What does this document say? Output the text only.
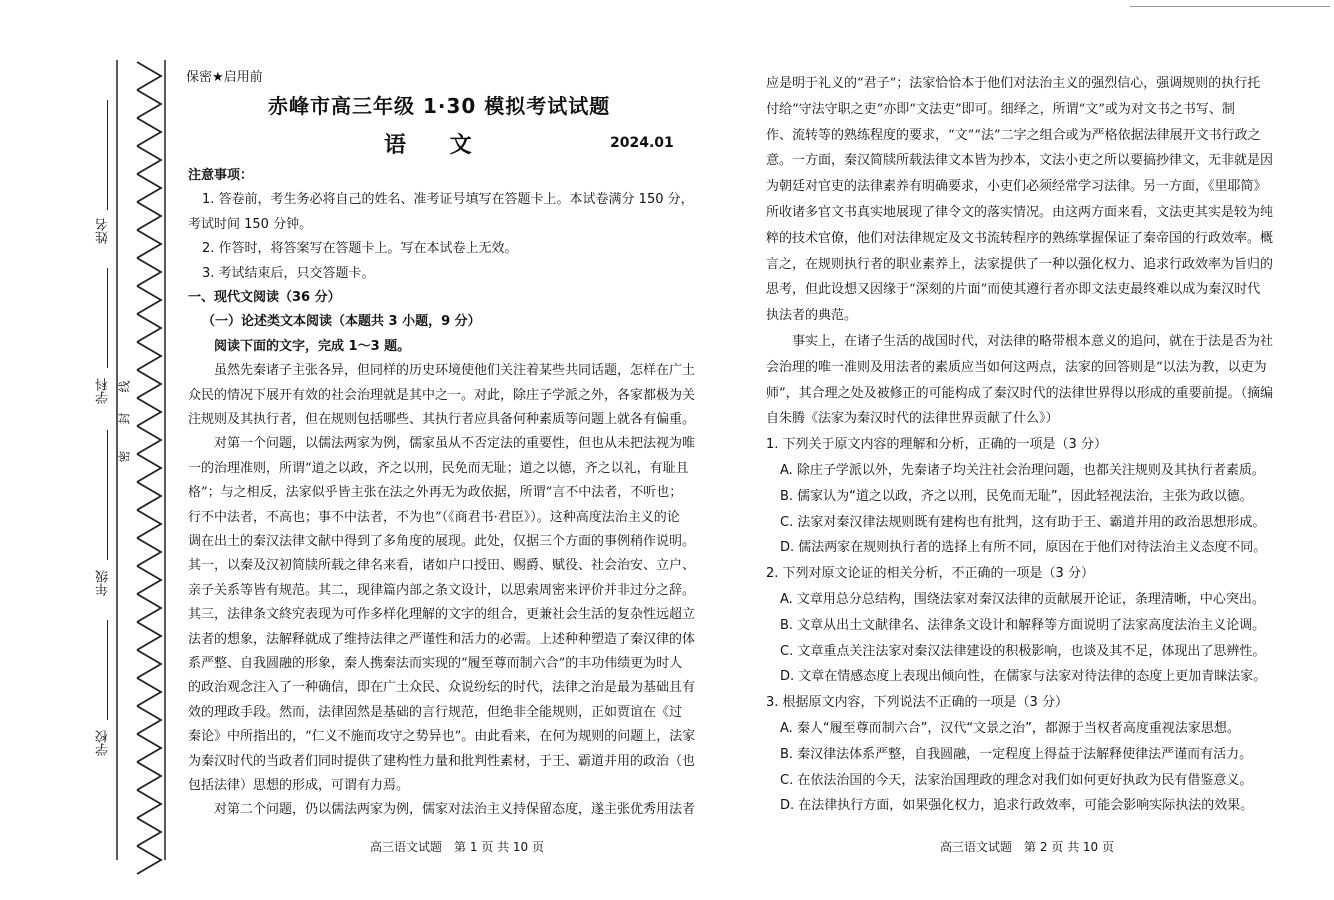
姓名
学科
年级
学校
密
封
线
保密★启用前
赤峰市高三年级 1·30 模拟考试试题
语 文	2024.01
注意事项：
1. 答卷前，考生务必将自己的姓名、准考证号填写在答题卡上。本试卷满分 150 分，
考试时间 150 分钟。
2. 作答时，将答案写在答题卡上。写在本试卷上无效。
3. 考试结束后，只交答题卡。
一、现代文阅读（36 分）
（一）论述类文本阅读（本题共 3 小题，9 分）
阅读下面的文字，完成 1～3 题。
虽然先秦诸子主张各异，但同样的历史环境使他们关注着某些共同话题，怎样在广土
众民的情况下展开有效的社会治理就是其中之一。对此，除庄子学派之外，各家都极为关
注规则及其执行者，但在规则包括哪些、其执行者应具备何种素质等问题上就各有偏重。
对第一个问题，以儒法两家为例，儒家虽从不否定法的重要性，但也从未把法视为唯
一的治理准则，所谓“道之以政，齐之以刑，民免而无耻；道之以德，齐之以礼，有耻且
格”；与之相反，法家似乎皆主张在法之外再无为政依据，所谓“言不中法者，不听也；
行不中法者，不高也；事不中法者，不为也”（《商君书·君臣》）。这种高度法治主义的论
调在出土的秦汉法律文献中得到了多角度的展现。此处，仅据三个方面的事例稍作说明。
其一，以秦及汉初简牍所载之律名来看，诸如户口授田、赐爵、赋役、社会治安、立户、
亲子关系等皆有规范。其二，现律篇内部之条文设计，以思索周密来评价并非过分之辞。
其三，法律条文終究表现为可作多样化理解的文字的组合，更兼社会生活的复杂性远超立
法者的想象，法解释就成了维持法律之严谨性和活力的必需。上述种种塑造了秦汉律的体
系严整、自我圆融的形象，秦人携秦法而实现的“履至尊而制六合”的丰功伟绩更为时人
的政治观念注入了一种确信，即在广土众民、众说纷纭的时代，法律之治是最为基础且有
效的理政手段。然而，法律固然是基础的言行规范，但绝非全能规则，正如贾谊在《过
秦论》中所指出的，“仁义不施而攻守之势异也”。由此看来，在何为规则的问题上，法家
为秦汉时代的当政者们同时提供了建构性力量和批判性素材，于王、霸道并用的政治（也
包括法律）思想的形成，可谓有力焉。
对第二个问题，仍以儒法两家为例，儒家对法治主义持保留态度，遂主张优秀用法者
高三语文试题　第 1 页 共 10 页
应是明于礼义的“君子”；法家恰恰本于他们对法治主义的强烈信心，强调规则的执行托
付给“守法守职之吏”亦即“文法吏”即可。细绎之，所谓“文”或为对文书之书写、制
作、流转等的熟练程度的要求，“文”“法”二字之组合或为严格依据法律展开文书行政之
意。一方面，秦汉简牍所载法律文本皆为抄本，文法小吏之所以要搞抄律文，无非就是因
为朝廷对官吏的法律素养有明确要求，小吏们必须经常学习法律。另一方面，《里耶简》
所收诸多官文书真实地展现了律令文的落实情况。由这两方面来看，文法吏其实是较为纯
粹的技术官僚，他们对法律规定及文书流转程序的熟练掌握保证了秦帝国的行政效率。概
言之，在规则执行者的职业素养上，法家提供了一种以强化权力、追求行政效率为旨归的
思考，但此设想又因缘于“深刻的片面”而使其遵行者亦即文法吏最终难以成为秦汉时代
执法者的典范。
事实上，在诸子生活的战国时代，对法律的略带根本意义的追问，就在于法是否为社
会治理的唯一准则及用法者的素质应当如何这两点，法家的回答则是“以法为教，以吏为
师”，其合理之处及被修正的可能构成了秦汉时代的法律世界得以形成的重要前提。（摘编
自朱腾《法家为秦汉时代的法律世界贡献了什么》）
1. 下列关于原文内容的理解和分析，正确的一项是（3 分）
A. 除庄子学派以外，先秦诸子均关注社会治理问题，也都关注规则及其执行者素质。
B. 儒家认为“道之以政，齐之以刑，民免而无耻”，因此轻视法治，主张为政以德。
C. 法家对秦汉律法规则既有建构也有批判，这有助于王、霸道并用的政治思想形成。
D. 儒法两家在规则执行者的选择上有所不同，原因在于他们对待法治主义态度不同。
2. 下列对原文论证的相关分析，不正确的一项是（3 分）
A. 文章用总分总结构，围绕法家对秦汉法律的贡献展开论证，条理清晰，中心突出。
B. 文章从出土文献律名、法律条文设计和解释等方面说明了法家高度法治主义论调。
C. 文章重点关注法家对秦汉法律建设的积极影响，也谈及其不足，体现出了思辨性。
D. 文章在情感态度上表现出倾向性，在儒家与法家对待法律的态度上更加青睐法家。
3. 根据原文内容，下列说法不正确的一项是（3 分）
A. 秦人“履至尊而制六合”，汉代“文景之治”，都源于当权者高度重视法家思想。
B. 秦汉律法体系严整，自我圆融，一定程度上得益于法解释使律法严谨而有活力。
C. 在依法治国的今天，法家治国理政的理念对我们如何更好执政为民有借鉴意义。
D. 在法律执行方面，如果强化权力，追求行政效率，可能会影响实际执法的效果。
高三语文试题　第 2 页 共 10 页
